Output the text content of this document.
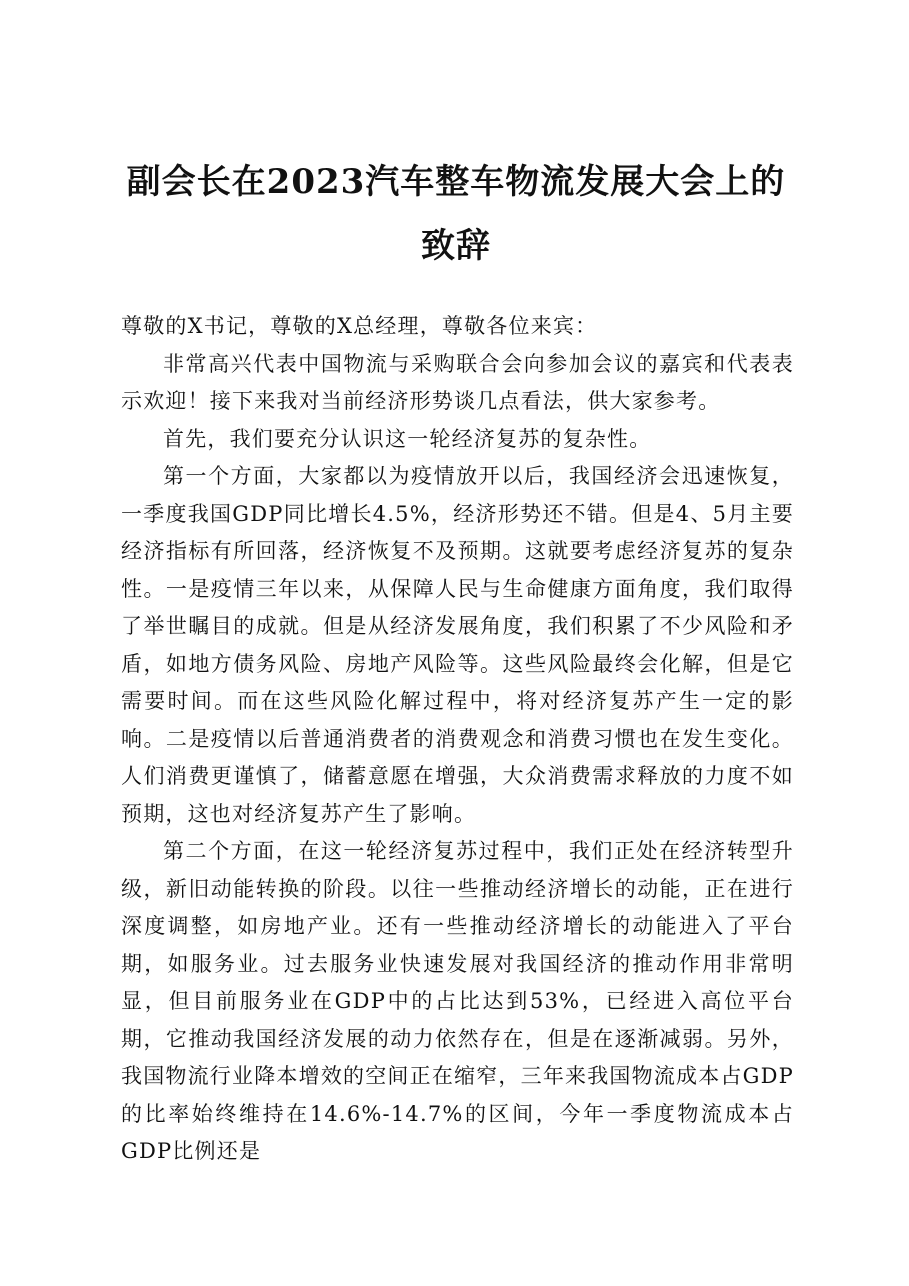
副会长在2023汽车整车物流发展大会上的致辞

尊敬的X书记，尊敬的X总经理，尊敬各位来宾：

非常高兴代表中国物流与采购联合会向参加会议的嘉宾和代表表示欢迎！接下来我对当前经济形势谈几点看法，供大家参考。

首先，我们要充分认识这一轮经济复苏的复杂性。

第一个方面，大家都以为疫情放开以后，我国经济会迅速恢复，一季度我国GDP同比增长4.5%，经济形势还不错。但是4、5月主要经济指标有所回落，经济恢复不及预期。这就要考虑经济复苏的复杂性。一是疫情三年以来，从保障人民与生命健康方面角度，我们取得了举世瞩目的成就。但是从经济发展角度，我们积累了不少风险和矛盾，如地方债务风险、房地产风险等。这些风险最终会化解，但是它需要时间。而在这些风险化解过程中，将对经济复苏产生一定的影响。二是疫情以后普通消费者的消费观念和消费习惯也在发生变化。人们消费更谨慎了，储蓄意愿在增强，大众消费需求释放的力度不如预期，这也对经济复苏产生了影响。

第二个方面，在这一轮经济复苏过程中，我们正处在经济转型升级，新旧动能转换的阶段。以往一些推动经济增长的动能，正在进行深度调整，如房地产业。还有一些推动经济增长的动能进入了平台期，如服务业。过去服务业快速发展对我国经济的推动作用非常明显，但目前服务业在GDP中的占比达到53%，已经进入高位平台期，它推动我国经济发展的动力依然存在，但是在逐渐减弱。另外，我国物流行业降本增效的空间正在缩窄，三年来我国物流成本占GDP的比率始终维持在14.6%-14.7%的区间，今年一季度物流成本占GDP比例还是
